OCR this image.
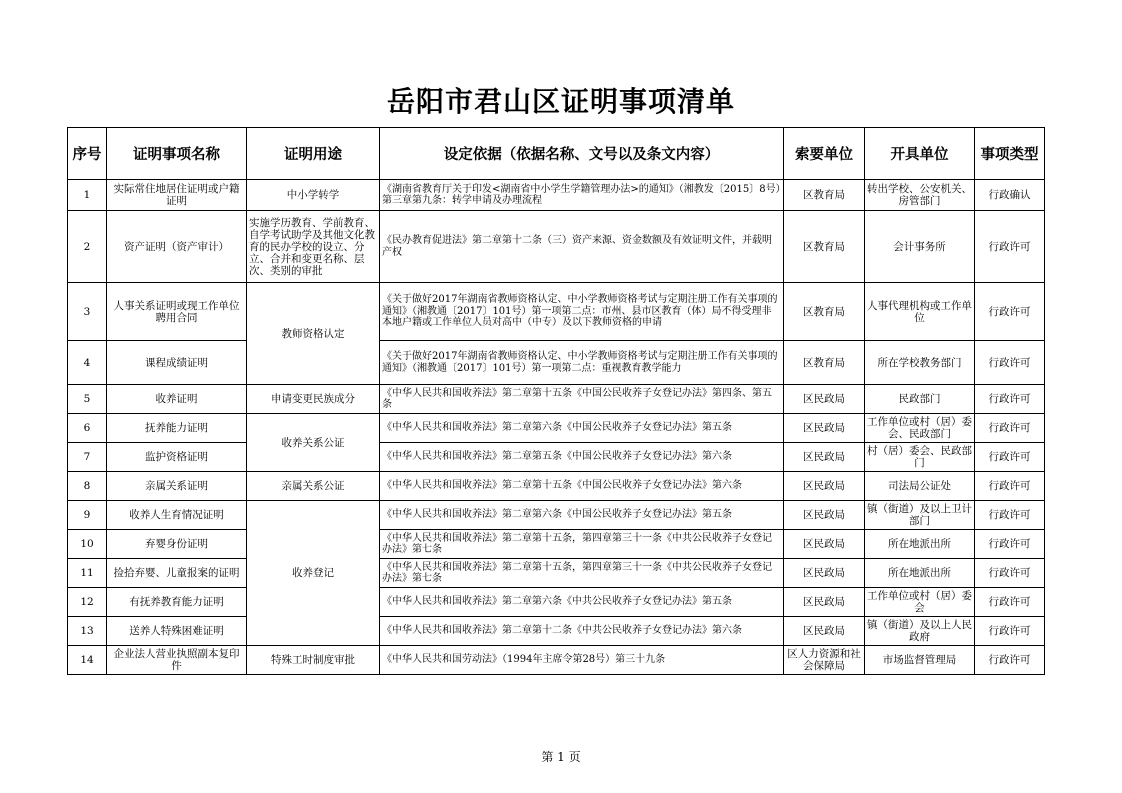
岳阳市君山区证明事项清单
序号	证明事项名称	证明用途	设定依据（依据名称、文号以及条文内容）	索要单位	开具单位	事项类型
1	实际常住地居住证明或户籍证明	中小学转学	《湖南省教育厅关于印发<湖南省中小学生学籍管理办法>的通知》（湘教发〔2015〕8号）第三章第九条：转学申请及办理流程	区教育局	转出学校、公安机关、房管部门	行政确认
2	资产证明（资产审计）	实施学历教育、学前教育、自学考试助学及其他文化教育的民办学校的设立、分立、合并和变更名称、层次、类别的审批	《民办教育促进法》第二章第十二条（三）资产来源、资金数额及有效证明文件，并载明产权	区教育局	会计事务所	行政许可
3	人事关系证明或现工作单位聘用合同	教师资格认定	《关于做好2017年湖南省教师资格认定、中小学教师资格考试与定期注册工作有关事项的通知》（湘教通〔2017〕101号）第一项第二点：市州、县市区教育（体）局不得受理非本地户籍或工作单位人员对高中（中专）及以下教师资格的申请	区教育局	人事代理机构或工作单位	行政许可
4	课程成绩证明		《关于做好2017年湖南省教师资格认定、中小学教师资格考试与定期注册工作有关事项的通知》（湘教通〔2017〕101号）第一项第二点：重视教育教学能力	区教育局	所在学校教务部门	行政许可
5	收养证明	申请变更民族成分	《中华人民共和国收养法》第二章第十五条《中国公民收养子女登记办法》第四条、第五条	区民政局	民政部门	行政许可
6	抚养能力证明	收养关系公证	《中华人民共和国收养法》第二章第六条《中国公民收养子女登记办法》第五条	区民政局	工作单位或村（居）委会、民政部门	行政许可
7	监护资格证明		《中华人民共和国收养法》第二章第五条《中国公民收养子女登记办法》第六条	区民政局	村（居）委会、民政部门	行政许可
8	亲属关系证明	亲属关系公证	《中华人民共和国收养法》第二章第十五条《中国公民收养子女登记办法》第六条	区民政局	司法局公证处	行政许可
9	收养人生育情况证明	收养登记	《中华人民共和国收养法》第二章第六条《中国公民收养子女登记办法》第五条	区民政局	镇（街道）及以上卫计部门	行政许可
10	弃婴身份证明		《中华人民共和国收养法》第二章第十五条，第四章第三十一条《中共公民收养子女登记办法》第七条	区民政局	所在地派出所	行政许可
11	捡拾弃婴、儿童报案的证明		《中华人民共和国收养法》第二章第十五条，第四章第三十一条《中共公民收养子女登记办法》第七条	区民政局	所在地派出所	行政许可
12	有抚养教育能力证明		《中华人民共和国收养法》第二章第六条《中共公民收养子女登记办法》第五条	区民政局	工作单位或村（居）委会	行政许可
13	送养人特殊困难证明		《中华人民共和国收养法》第二章第十二条《中共公民收养子女登记办法》第六条	区民政局	镇（街道）及以上人民政府	行政许可
14	企业法人营业执照副本复印件	特殊工时制度审批	《中华人民共和国劳动法》（1994年主席令第28号）第三十九条	区人力资源和社会保障局	市场监督管理局	行政许可
第 1 页
